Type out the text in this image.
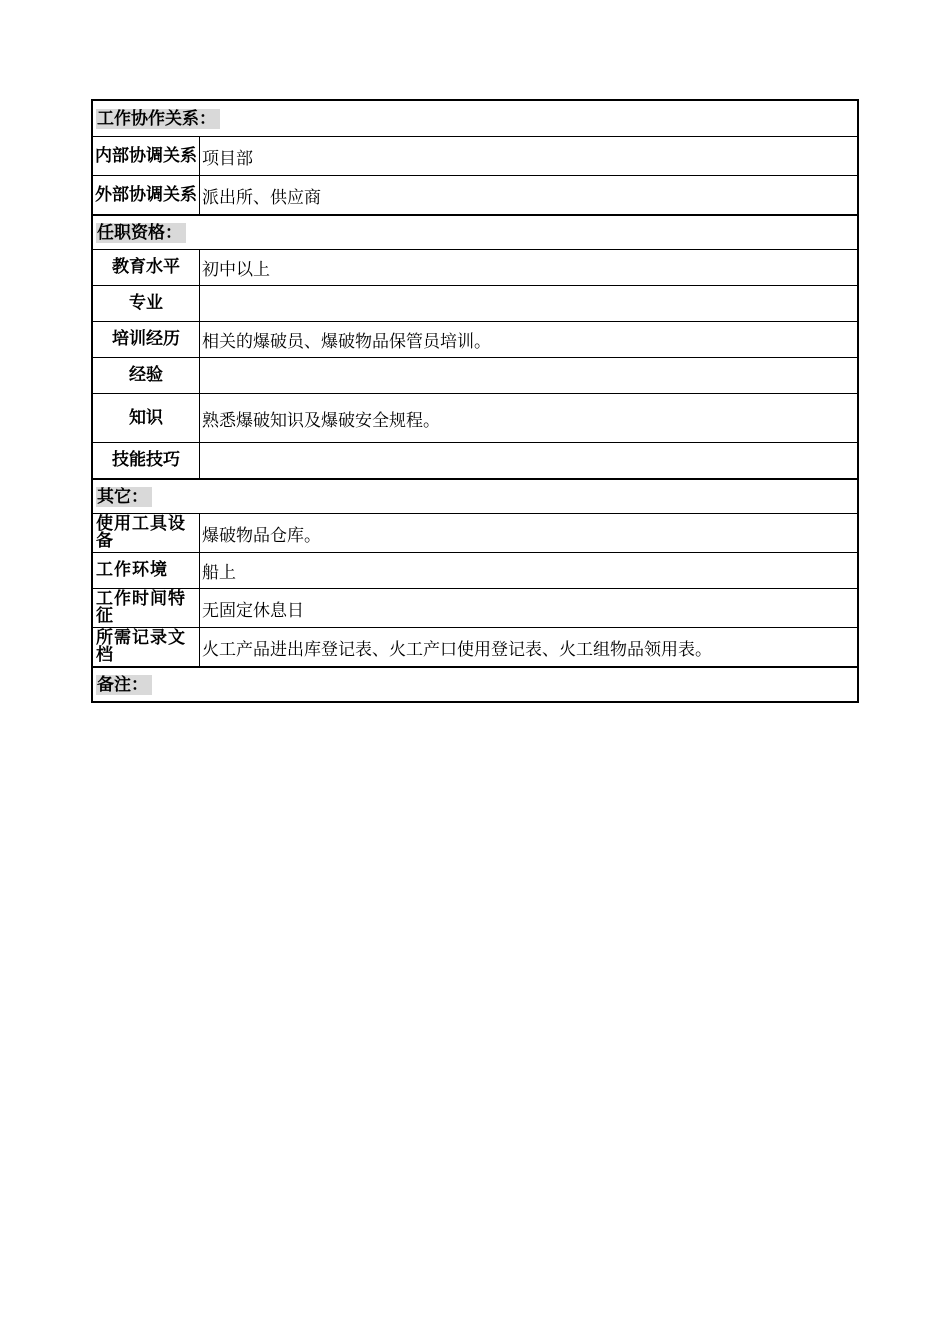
工作协作关系：
内部协调关系 项目部
外部协调关系 派出所、供应商
任职资格：
教育水平	初中以上
专业
培训经历	相关的爆破员、爆破物品保管员培训。
经验
知识	熟悉爆破知识及爆破安全规程。
技能技巧
其它：
使用工具设备	爆破物品仓库。
工作环境	船上
工作时间特征	无固定休息日
所需记录文档	火工产品进出库登记表、火工产口使用登记表、火工组物品领用表。
备注：
